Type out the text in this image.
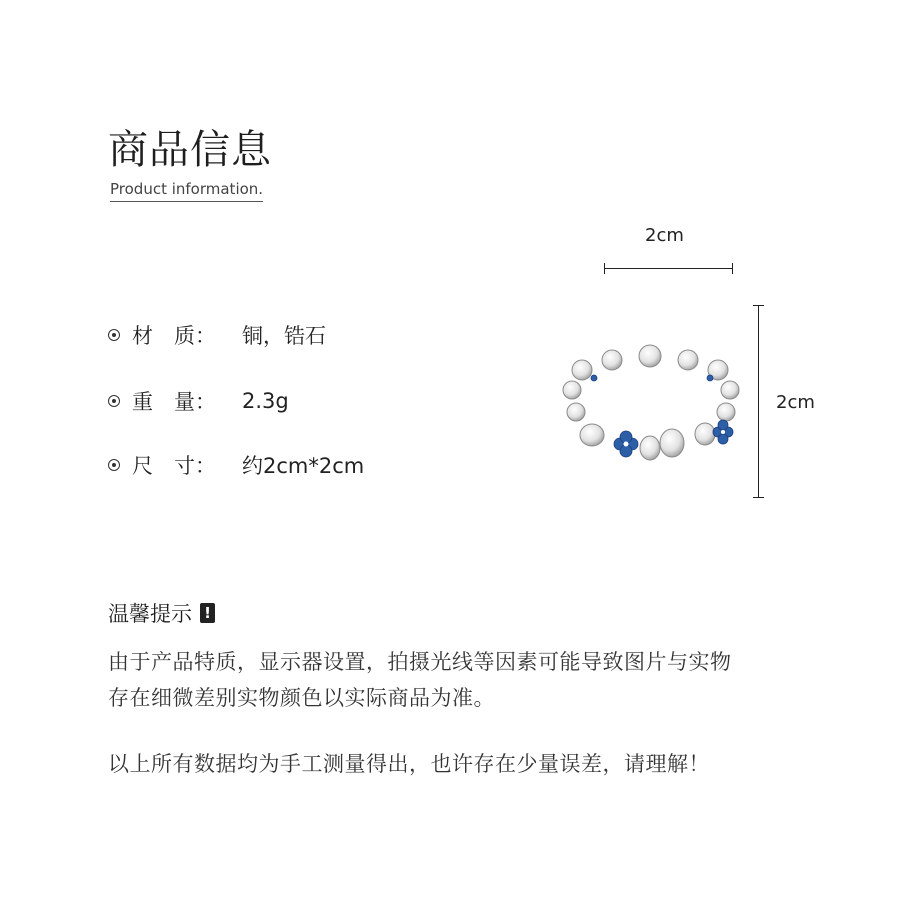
商品信息
Product information.
材　质：	铜，锆石
重　量：	2.3g
尺　寸：	约2cm*2cm
2cm
2cm
温馨提示 !
由于产品特质，显示器设置，拍摄光线等因素可能导致图片与实物
存在细微差别实物颜色以实际商品为准。
以上所有数据均为手工测量得出，也许存在少量误差，请理解！
